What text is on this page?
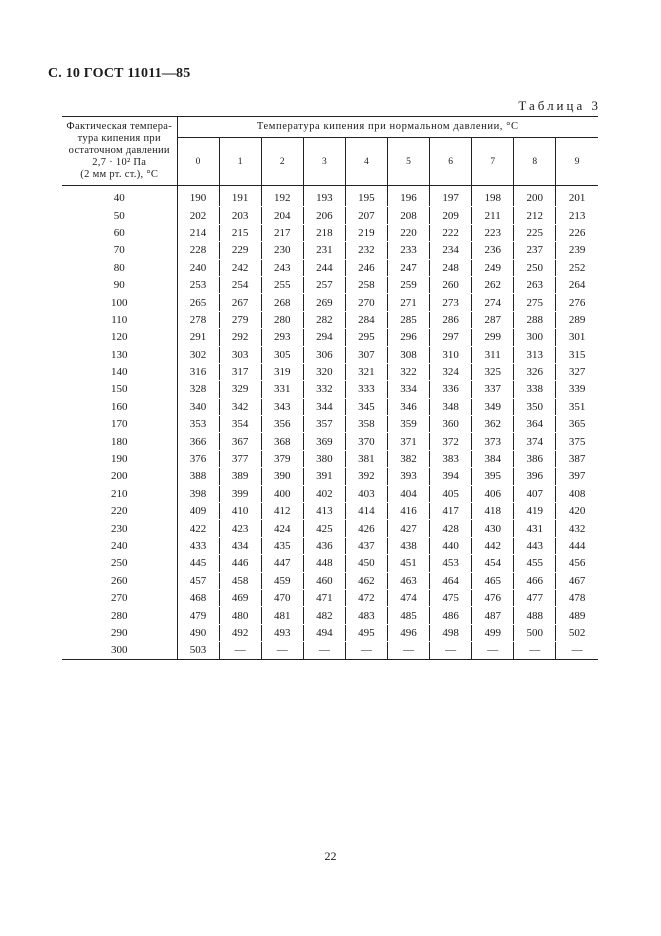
С. 10 ГОСТ 11011—85
Таблица 3
Фактическая темпера-
тура кипения при
остаточном давлении
2,7 · 10² Па
(2 мм рт. ст.), °С	Температура кипения при нормальном давлении, °С									
	0	1	2	3	4	5	6	7	8	9
40	190	191	192	193	195	196	197	198	200	201
50	202	203	204	206	207	208	209	211	212	213
60	214	215	217	218	219	220	222	223	225	226
70	228	229	230	231	232	233	234	236	237	239
80	240	242	243	244	246	247	248	249	250	252
90	253	254	255	257	258	259	260	262	263	264
100	265	267	268	269	270	271	273	274	275	276
110	278	279	280	282	284	285	286	287	288	289
120	291	292	293	294	295	296	297	299	300	301
130	302	303	305	306	307	308	310	311	313	315
140	316	317	319	320	321	322	324	325	326	327
150	328	329	331	332	333	334	336	337	338	339
160	340	342	343	344	345	346	348	349	350	351
170	353	354	356	357	358	359	360	362	364	365
180	366	367	368	369	370	371	372	373	374	375
190	376	377	379	380	381	382	383	384	386	387
200	388	389	390	391	392	393	394	395	396	397
210	398	399	400	402	403	404	405	406	407	408
220	409	410	412	413	414	416	417	418	419	420
230	422	423	424	425	426	427	428	430	431	432
240	433	434	435	436	437	438	440	442	443	444
250	445	446	447	448	450	451	453	454	455	456
260	457	458	459	460	462	463	464	465	466	467
270	468	469	470	471	472	474	475	476	477	478
280	479	480	481	482	483	485	486	487	488	489
290	490	492	493	494	495	496	498	499	500	502
300	503	—	—	—	—	—	—	—	—	—
22
